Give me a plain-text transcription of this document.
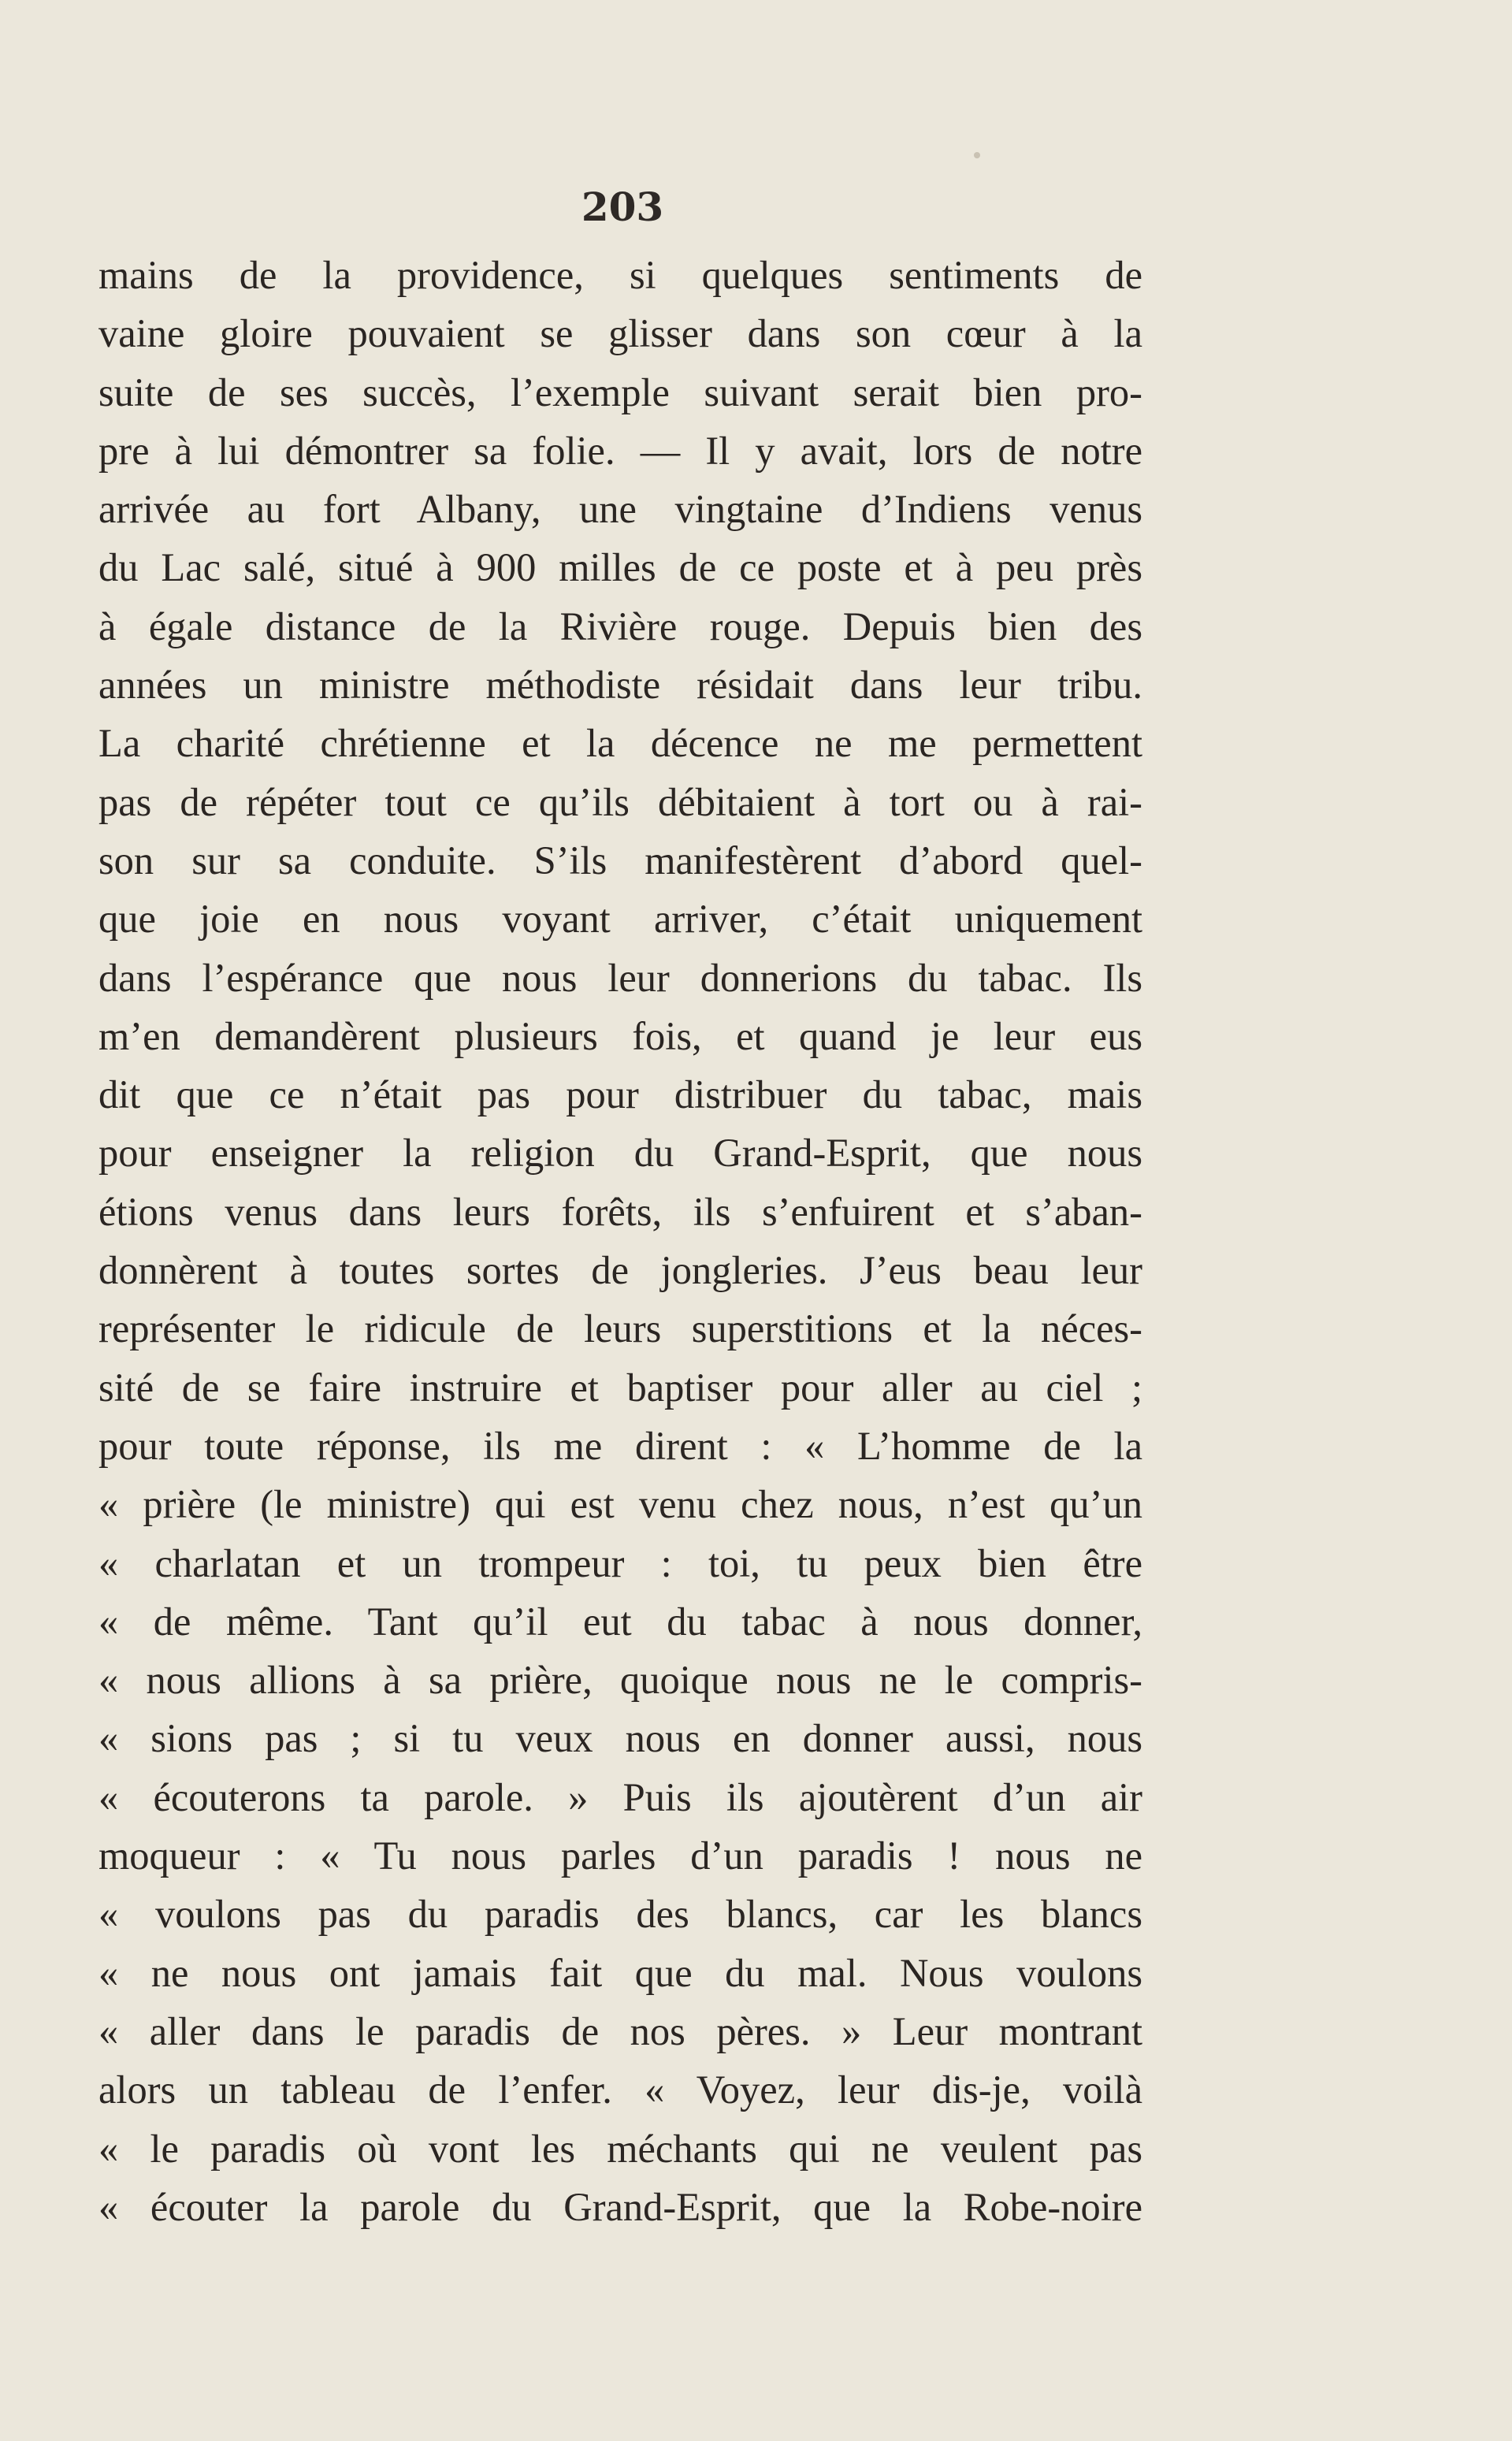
203
mains de la providence, si quelques sentiments de
vaine gloire pouvaient se glisser dans son cœur à la
suite de ses succès, l’exemple suivant serait bien pro-
pre à lui démontrer sa folie. — Il y avait, lors de notre
arrivée au fort Albany, une vingtaine d’Indiens venus
du Lac salé, situé à 900 milles de ce poste et à peu près
à égale distance de la Rivière rouge. Depuis bien des
années un ministre méthodiste résidait dans leur tribu.
La charité chrétienne et la décence ne me permettent
pas de répéter tout ce qu’ils débitaient à tort ou à rai-
son sur sa conduite. S’ils manifestèrent d’abord quel-
que joie en nous voyant arriver, c’était uniquement
dans l’espérance que nous leur donnerions du tabac. Ils
m’en demandèrent plusieurs fois, et quand je leur eus
dit que ce n’était pas pour distribuer du tabac, mais
pour enseigner la religion du Grand-Esprit, que nous
étions venus dans leurs forêts, ils s’enfuirent et s’aban-
donnèrent à toutes sortes de jongleries. J’eus beau leur
représenter le ridicule de leurs superstitions et la néces-
sité de se faire instruire et baptiser pour aller au ciel ;
pour toute réponse, ils me dirent : « L’homme de la
« prière (le ministre) qui est venu chez nous, n’est qu’un
« charlatan et un trompeur : toi, tu peux bien être
« de même. Tant qu’il eut du tabac à nous donner,
« nous allions à sa prière, quoique nous ne le compris-
« sions pas ; si tu veux nous en donner aussi, nous
« écouterons ta parole. » Puis ils ajoutèrent d’un air
moqueur : « Tu nous parles d’un paradis ! nous ne
« voulons pas du paradis des blancs, car les blancs
« ne nous ont jamais fait que du mal. Nous voulons
« aller dans le paradis de nos pères. » Leur montrant
alors un tableau de l’enfer. « Voyez, leur dis-je, voilà
« le paradis où vont les méchants qui ne veulent pas
« écouter la parole du Grand-Esprit, que la Robe-noire
